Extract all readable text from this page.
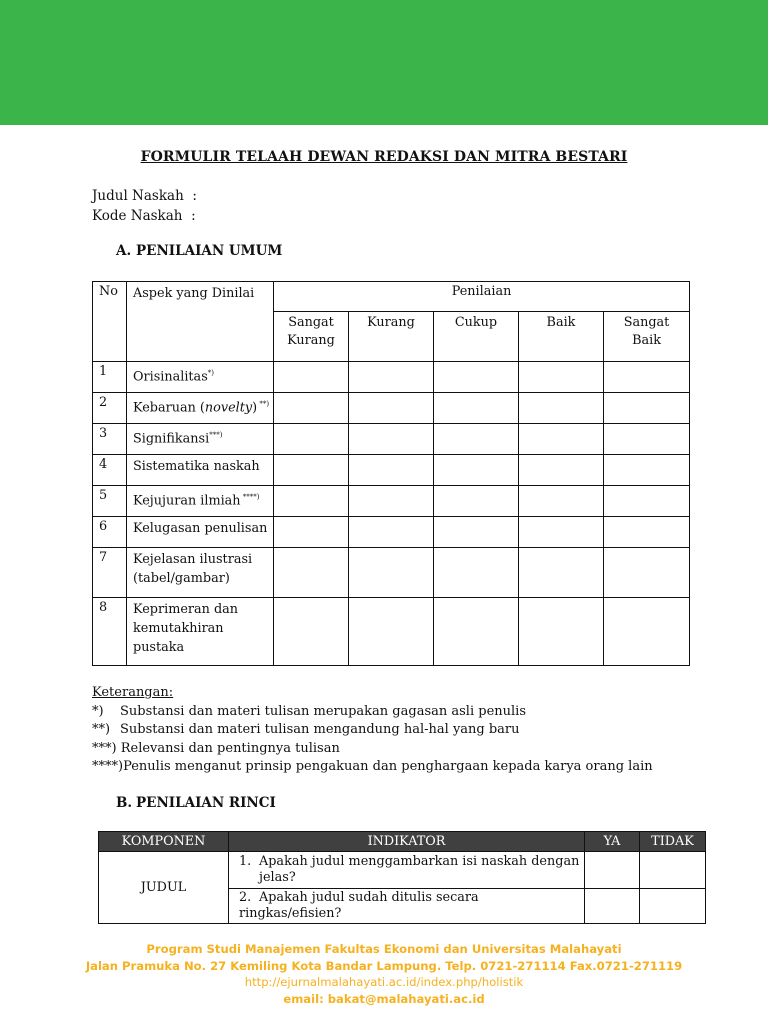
FORMULIR TELAAH DEWAN REDAKSI DAN MITRA BESTARI
Judul Naskah  :
Kode Naskah  :
A. PENILAIAN UMUM
No	Aspek yang Dinilai	Penilaian				
		Sangat Kurang	Kurang	Cukup	Baik	Sangat Baik
1	Orisinalitas*)					
2	Kebaruan (novelty) **)					
3	Signifikansi***)					
4	Sistematika naskah					
5	Kejujuran ilmiah ****)					
6	Kelugasan penulisan					
7	Kejelasan ilustrasi (tabel/gambar)					
8	Keprimeran dan kemutakhiran pustaka					
Keterangan:
*) Substansi dan materi tulisan merupakan gagasan asli penulis
**) Substansi dan materi tulisan mengandung hal-hal yang baru
***) Relevansi dan pentingnya tulisan
****)Penulis menganut prinsip pengakuan dan penghargaan kepada karya orang lain
B. PENILAIAN RINCI
KOMPONEN	INDIKATOR	YA	TIDAK
JUDUL	1. Apakah judul menggambarkan isi naskah dengan
jelas?		

	2. Apakah judul sudah ditulis secara ringkas/efisien?		
Program Studi Manajemen Fakultas Ekonomi dan Universitas Malahayati
Jalan Pramuka No. 27 Kemiling Kota Bandar Lampung. Telp. 0721-271114 Fax.0721-271119
http://ejurnalmalahayati.ac.id/index.php/holistik
email: bakat@malahayati.ac.id
